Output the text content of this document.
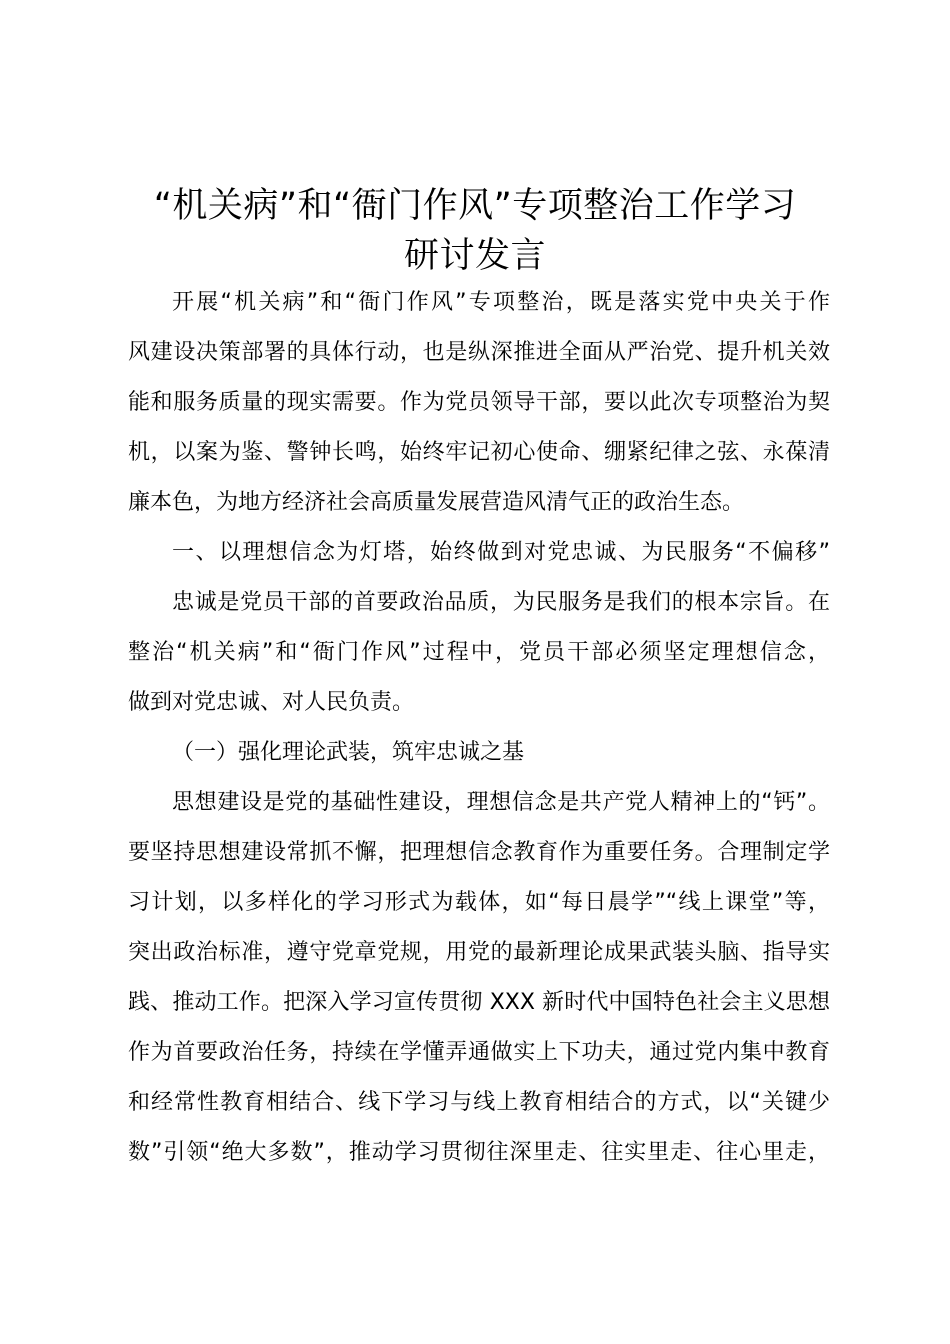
“机关病”和“衙门作风”专项整治工作学习
研讨发言
开展“机关病”和“衙门作风”专项整治，既是落实党中央关于作
风建设决策部署的具体行动，也是纵深推进全面从严治党、提升机关效
能和服务质量的现实需要。作为党员领导干部，要以此次专项整治为契
机，以案为鉴、警钟长鸣，始终牢记初心使命、绷紧纪律之弦、永葆清
廉本色，为地方经济社会高质量发展营造风清气正的政治生态。
一、以理想信念为灯塔，始终做到对党忠诚、为民服务“不偏移”
忠诚是党员干部的首要政治品质，为民服务是我们的根本宗旨。在
整治“机关病”和“衙门作风”过程中，党员干部必须坚定理想信念，
做到对党忠诚、对人民负责。
（一）强化理论武装，筑牢忠诚之基
思想建设是党的基础性建设，理想信念是共产党人精神上的“钙”。
要坚持思想建设常抓不懈，把理想信念教育作为重要任务。合理制定学
习计划，以多样化的学习形式为载体，如“每日晨学”“线上课堂”等，
突出政治标准，遵守党章党规，用党的最新理论成果武装头脑、指导实
践、推动工作。把深入学习宣传贯彻 XXX 新时代中国特色社会主义思想
作为首要政治任务，持续在学懂弄通做实上下功夫，通过党内集中教育
和经常性教育相结合、线下学习与线上教育相结合的方式，以“关键少
数”引领“绝大多数”，推动学习贯彻往深里走、往实里走、往心里走，
